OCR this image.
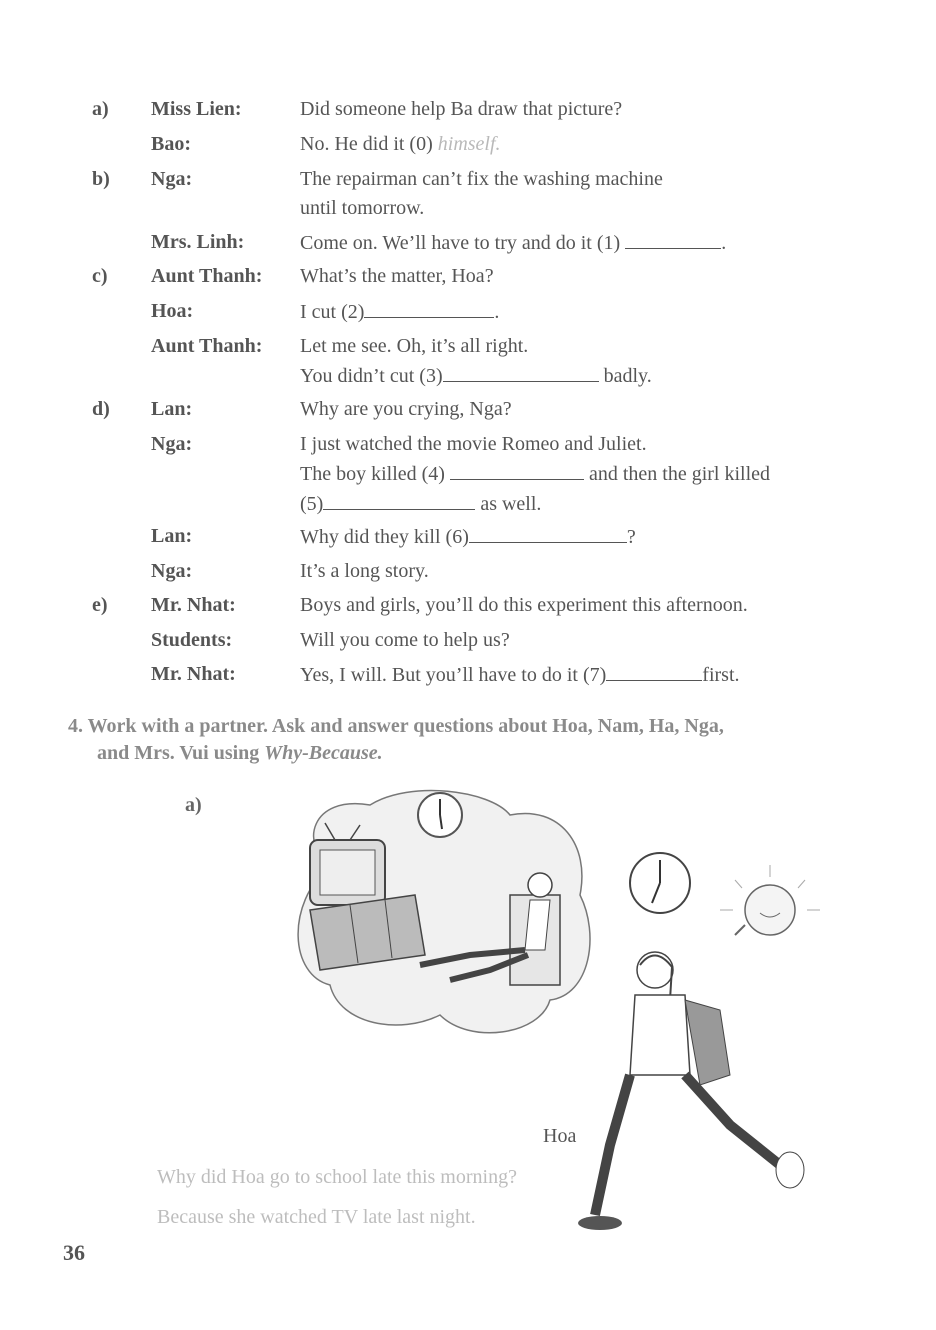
a) Miss Lien:	Did someone help Ba draw that picture?
Bao:	No. He did it (0) himself.
b) Nga:	The repairman can’t fix the washing machine
until tomorrow.
Mrs. Linh:	Come on. We’ll have to try and do it (1)	.
c) Aunt Thanh: What’s the matter, Hoa?
Hoa:	I cut (2)	.
Aunt Thanh: Let me see. Oh, it’s all right.
You didn’t cut (3)	badly.
d) Lan:	Why are you crying, Nga?
Nga:	I just watched the movie Romeo and Juliet.
The boy killed (4)	and then the girl killed
(5)	as well.
Lan:	Why did they kill (6)	?
Nga:	It’s a long story.
e) Mr. Nhat:	Boys and girls, you’ll do this experiment this afternoon.
Students:	Will you come to help us?
Mr. Nhat:	Yes, I will. But you’ll have to do it (7)	first.
4. Work with a partner. Ask and answer questions about Hoa, Nam, Ha, Nga,
and Mrs. Vui using Why-Because.
a)
Hoa
Why did Hoa go to school late this morning?
Because she watched TV late last night.
36
